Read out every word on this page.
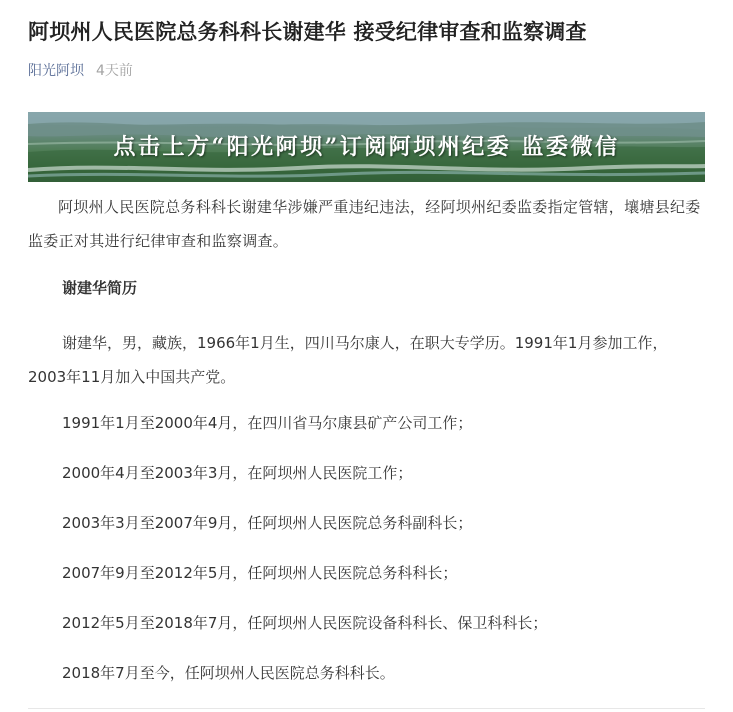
阿坝州人民医院总务科科长谢建华 接受纪律审查和监察调查
阳光阿坝 4天前
点击上方“阳光阿坝”订阅阿坝州纪委 监委微信

阿坝州人民医院总务科科长谢建华涉嫌严重违纪违法，经阿坝州纪委监委指定管辖，壤塘县纪委监委正对其进行纪律审查和监察调查。

谢建华简历

谢建华，男，藏族，1966年1月生，四川马尔康人，在职大专学历。1991年1月参加工作，2003年11月加入中国共产党。

1991年1月至2000年4月，在四川省马尔康县矿产公司工作；
2000年4月至2003年3月，在阿坝州人民医院工作；
2003年3月至2007年9月，任阿坝州人民医院总务科副科长；
2007年9月至2012年5月，任阿坝州人民医院总务科科长；
2012年5月至2018年7月，任阿坝州人民医院设备科科长、保卫科科长；
2018年7月至今，任阿坝州人民医院总务科科长。
